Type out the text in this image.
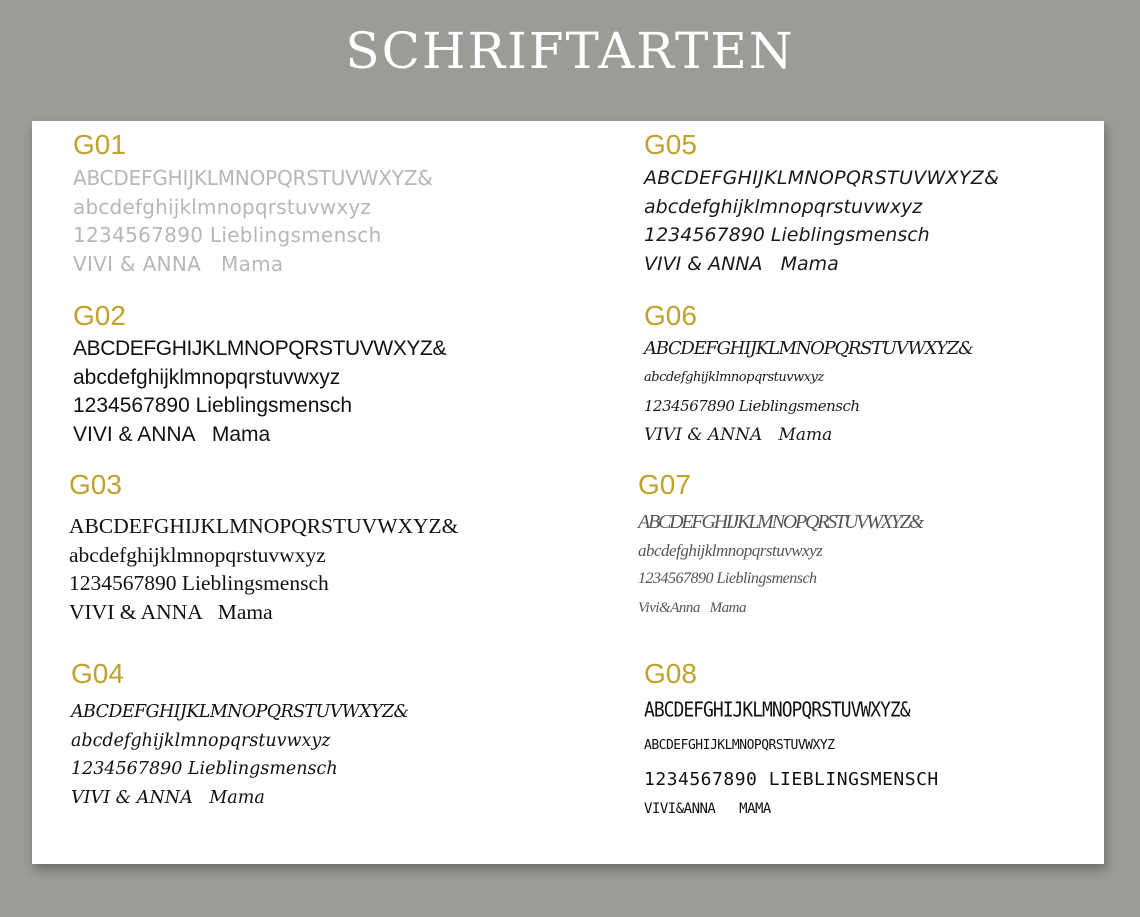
SCHRIFTARTEN
G01
ABCDEFGHIJKLMNOPQRSTUVWXYZ&
abcdefghijklmnopqrstuvwxyz
1234567890 Lieblingsmensch
VIVI & ANNA   Mama
G02
ABCDEFGHIJKLMNOPQRSTUVWXYZ&
abcdefghijklmnopqrstuvwxyz
1234567890 Lieblingsmensch
VIVI & ANNA   Mama
G03
ABCDEFGHIJKLMNOPQRSTUVWXYZ&
abcdefghijklmnopqrstuvwxyz
1234567890 Lieblingsmensch
VIVI & ANNA   Mama
G04
ABCDEFGHIJKLMNOPQRSTUVWXYZ&
abcdefghijklmnopqrstuvwxyz
1234567890 Lieblingsmensch
VIVI & ANNA   Mama
G05
ABCDEFGHIJKLMNOPQRSTUVWXYZ&
abcdefghijklmnopqrstuvwxyz
1234567890 Lieblingsmensch
VIVI & ANNA   Mama
G06
ABCDEFGHIJKLMNOPQRSTUVWXYZ&
abcdefghijklmnopqrstuvwxyz
1234567890 Lieblingsmensch
VIVI & ANNA   Mama
G07
ABCDEFGHIJKLMNOPQRSTUVWXYZ&
abcdefghijklmnopqrstuvwxyz
1234567890 Lieblingsmensch
Vivi&Anna   Mama
G08
ABCDEFGHIJKLMNOPQRSTUVWXYZ&
ABCDEFGHIJKLMNOPQRSTUVWXYZ
1234567890 LIEBLINGSMENSCH
VIVI&ANNA   MAMA
